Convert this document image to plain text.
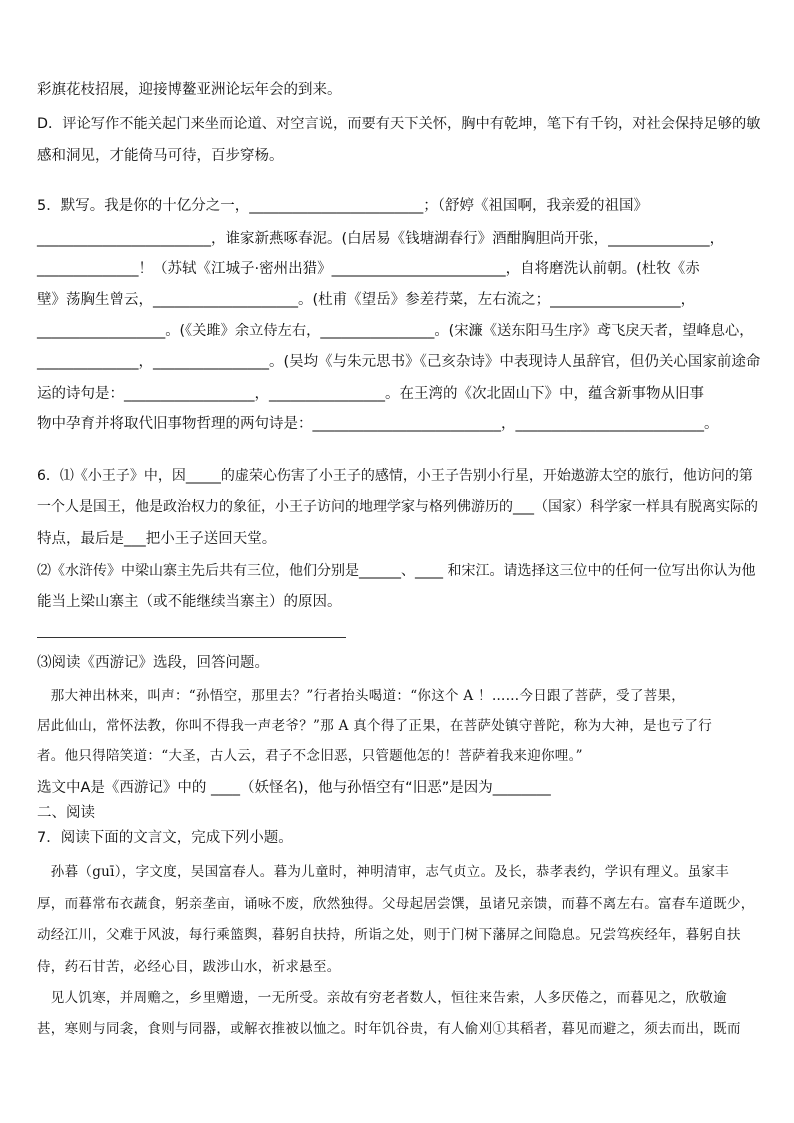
彩旗花枝招展，迎接博鳌亚洲论坛年会的到来。
D．评论写作不能关起门来坐而论道、对空言说，而要有天下关怀，胸中有乾坤，笔下有千钧，对社会保持足够的敏
感和洞见，才能倚马可待，百步穿杨。
5．默写。我是你的十亿分之一，________________________；（舒婷《祖国啊，我亲爱的祖国》
________________________，谁家新燕啄春泥。(白居易《钱塘湖春行》酒酣胸胆尚开张，______________，
______________！（苏轼《江城子·密州出猎》________________________，自将磨洗认前朝。(杜牧《赤
壁》荡胸生曾云，____________________。(杜甫《望岳》参差荇菜，左右流之；__________________，
__________________。(《关雎》余立侍左右，________________。(宋濂《送东阳马生序》鸢飞戾天者，望峰息心，
______________，________________。(吴均《与朱元思书》《己亥杂诗》中表现诗人虽辞官，但仍关心国家前途命
运的诗句是：__________________，________________。在王湾的《次北固山下》中，蕴含新事物从旧事
物中孕育并将取代旧事物哲理的两句诗是：__________________________，__________________________。
6．⑴《小王子》中，因_____的虚荣心伤害了小王子的感情，小王子告别小行星，开始遨游太空的旅行，他访问的第
一个人是国王，他是政治权力的象征，小王子访问的地理学家与格列佛游历的___（国家）科学家一样具有脱离实际的
特点，最后是___把小王子送回天堂。
⑵《水浒传》中梁山寨主先后共有三位，他们分别是______、____ 和宋江。请选择这三位中的任何一位写出你认为他
能当上梁山寨主（或不能继续当寨主）的原因。
⑶阅读《西游记》选段，回答问题。
　那大神出林来，叫声：“孙悟空，那里去？”行者抬头喝道：“你这个 A ！……今日跟了菩萨，受了菩果，
居此仙山，常怀法教，你叫不得我一声老爷？”那 A 真个得了正果，在菩萨处镇守普陀，称为大神，是也亏了行
者。他只得陪笑道：“大圣，古人云，君子不念旧恶，只管题他怎的！菩萨着我来迎你哩。”
选文中A是《西游记》中的 ____（妖怪名)，他与孙悟空有“旧恶”是因为________
二、阅读
7．阅读下面的文言文，完成下列小题。
　孙暮（guī），字文度，吴国富春人。暮为儿童时，神明清审，志气贞立。及长，恭孝表约，学识有理义。虽家丰
厚，而暮常布衣蔬食，躬亲垄亩，诵咏不废，欣然独得。父母起居尝馔，虽诸兄亲馈，而暮不离左右。富春车道既少，
动经江川，父难于风波，每行乘篮舆，暮躬自扶持，所诣之处，则于门树下藩屏之间隐息。兄尝笃疾经年，暮躬自扶
侍，药石甘苦，必经心目，跋涉山水，祈求悬至。
　见人饥寒，并周赡之，乡里赠遗，一无所受。亲故有穷老者数人，恒往来告索，人多厌倦之，而暮见之，欣敬逾
甚，寒则与同衾，食则与同器，或解衣推被以恤之。时年饥谷贵，有人偷刈①其稻者，暮见而避之，须去而出，既而
